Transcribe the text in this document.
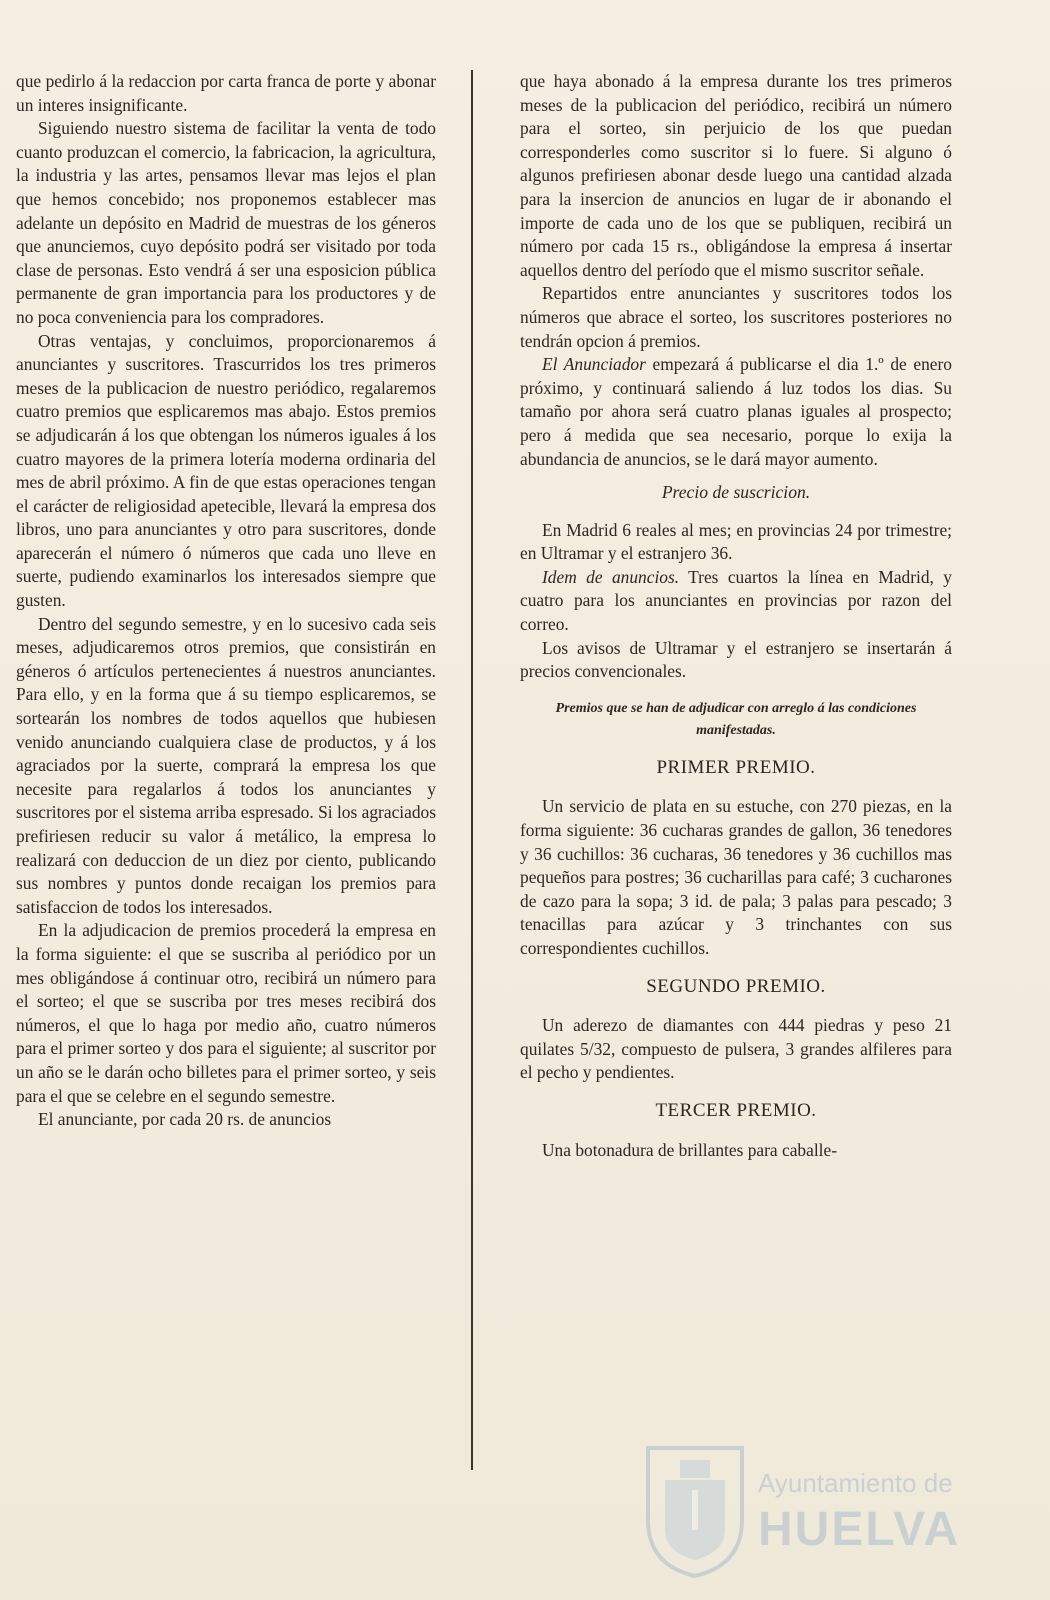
que pedirlo á la redaccion por carta franca de porte y abonar un interes insignificante.

Siguiendo nuestro sistema de facilitar la venta de todo cuanto produzcan el comercio, la fabricacion, la agricultura, la industria y las artes, pensamos llevar mas lejos el plan que hemos concebido; nos proponemos establecer mas adelante un depósito en Madrid de muestras de los géneros que anunciemos, cuyo depósito podrá ser visitado por toda clase de personas. Esto vendrá á ser una esposicion pública permanente de gran importancia para los productores y de no poca conveniencia para los compradores.

Otras ventajas, y concluimos, proporcionaremos á anunciantes y suscritores. Trascurridos los tres primeros meses de la publicacion de nuestro periódico, regalaremos cuatro premios que esplicaremos mas abajo. Estos premios se adjudicarán á los que obtengan los números iguales á los cuatro mayores de la primera lotería moderna ordinaria del mes de abril próximo. A fin de que estas operaciones tengan el carácter de religiosidad apetecible, llevará la empresa dos libros, uno para anunciantes y otro para suscritores, donde aparecerán el número ó números que cada uno lleve en suerte, pudiendo examinarlos los interesados siempre que gusten.

Dentro del segundo semestre, y en lo sucesivo cada seis meses, adjudicaremos otros premios, que consistirán en géneros ó artículos pertenecientes á nuestros anunciantes. Para ello, y en la forma que á su tiempo esplicaremos, se sortearán los nombres de todos aquellos que hubiesen venido anunciando cualquiera clase de productos, y á los agraciados por la suerte, comprará la empresa los que necesite para regalarlos á todos los anunciantes y suscritores por el sistema arriba espresado. Si los agraciados prefiriesen reducir su valor á metálico, la empresa lo realizará con deduccion de un diez por ciento, publicando sus nombres y puntos donde recaigan los premios para satisfaccion de todos los interesados.

En la adjudicacion de premios procederá la empresa en la forma siguiente: el que se suscriba al periódico por un mes obligándose á continuar otro, recibirá un número para el sorteo; el que se suscriba por tres meses recibirá dos números, el que lo haga por medio año, cuatro números para el primer sorteo y dos para el siguiente; al suscritor por un año se le darán ocho billetes para el primer sorteo, y seis para el que se celebre en el segundo semestre.

El anunciante, por cada 20 rs. de anuncios

que haya abonado á la empresa durante los tres primeros meses de la publicacion del periódico, recibirá un número para el sorteo, sin perjuicio de los que puedan corresponderles como suscritor si lo fuere. Si alguno ó algunos prefiriesen abonar desde luego una cantidad alzada para la insercion de anuncios en lugar de ir abonando el importe de cada uno de los que se publiquen, recibirá un número por cada 15 rs., obligándose la empresa á insertar aquellos dentro del período que el mismo suscritor señale.

Repartidos entre anunciantes y suscritores todos los números que abrace el sorteo, los suscritores posteriores no tendrán opcion á premios.

El Anunciador empezará á publicarse el dia 1.º de enero próximo, y continuará saliendo á luz todos los dias. Su tamaño por ahora será cuatro planas iguales al prospecto; pero á medida que sea necesario, porque lo exija la abundancia de anuncios, se le dará mayor aumento.

Precio de suscricion.

En Madrid 6 reales al mes; en provincias 24 por trimestre; en Ultramar y el estranjero 36.

Idem de anuncios. Tres cuartos la línea en Madrid, y cuatro para los anunciantes en provincias por razon del correo.

Los avisos de Ultramar y el estranjero se insertarán á precios convencionales.

Premios que se han de adjudicar con arreglo á las condiciones manifestadas.

PRIMER PREMIO.

Un servicio de plata en su estuche, con 270 piezas, en la forma siguiente: 36 cucharas grandes de gallon, 36 tenedores y 36 cuchillos: 36 cucharas, 36 tenedores y 36 cuchillos mas pequeños para postres; 36 cucharillas para café; 3 cucharones de cazo para la sopa; 3 id. de pala; 3 palas para pescado; 3 tenacillas para azúcar y 3 trinchantes con sus correspondientes cuchillos.

SEGUNDO PREMIO.

Un aderezo de diamantes con 444 piedras y peso 21 quilates 5/32, compuesto de pulsera, 3 grandes alfileres para el pecho y pendientes.

TERCER PREMIO.

Una botonadura de brillantes para caballe-

Ayuntamiento de
HUELVA
